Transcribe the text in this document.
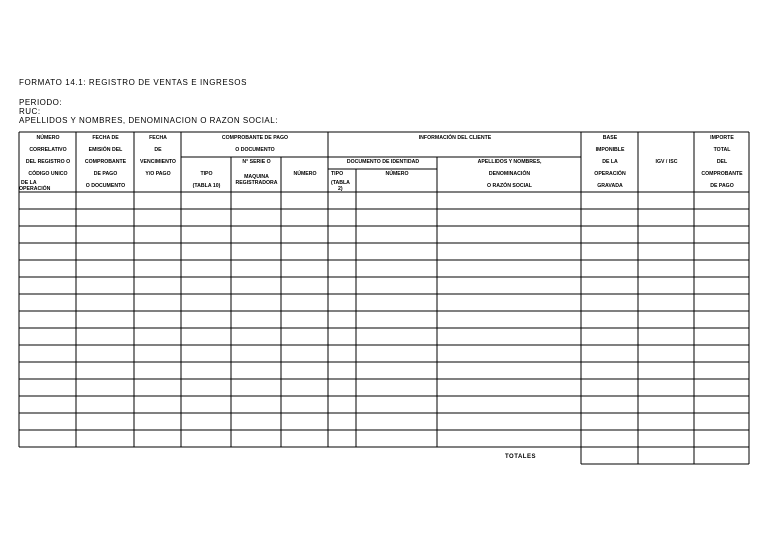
FORMATO 14.1: REGISTRO DE VENTAS E INGRESOS
PERIODO:
RUC:
APELLIDOS Y NOMBRES, DENOMINACION O RAZON SOCIAL:
NÚMERO
CORRELATIVO
DEL REGISTRO O
CÓDIGO UNICO
DE LA
OPERACIÓN
FECHA DE
EMISIÓN DEL
COMPROBANTE
DE PAGO
O DOCUMENTO
FECHA
DE
VENCIMIENTO
Y/O PAGO
COMPROBANTE DE PAGO
O DOCUMENTO
TIPO
(TABLA 10)
N° SERIE O
MAQUINA
REGISTRADORA
NÚMERO
INFORMACIÓN DEL CLIENTE
DOCUMENTO DE IDENTIDAD
TIPO
(TABLA
2)
NÚMERO
APELLIDOS Y NOMBRES,
DENOMINACIÓN
O RAZÓN SOCIAL
BASE
IMPONIBLE
DE LA
OPERACIÓN
GRAVADA
IGV / ISC
IMPORTE
TOTAL
DEL
COMPROBANTE
DE PAGO
TOTALES
